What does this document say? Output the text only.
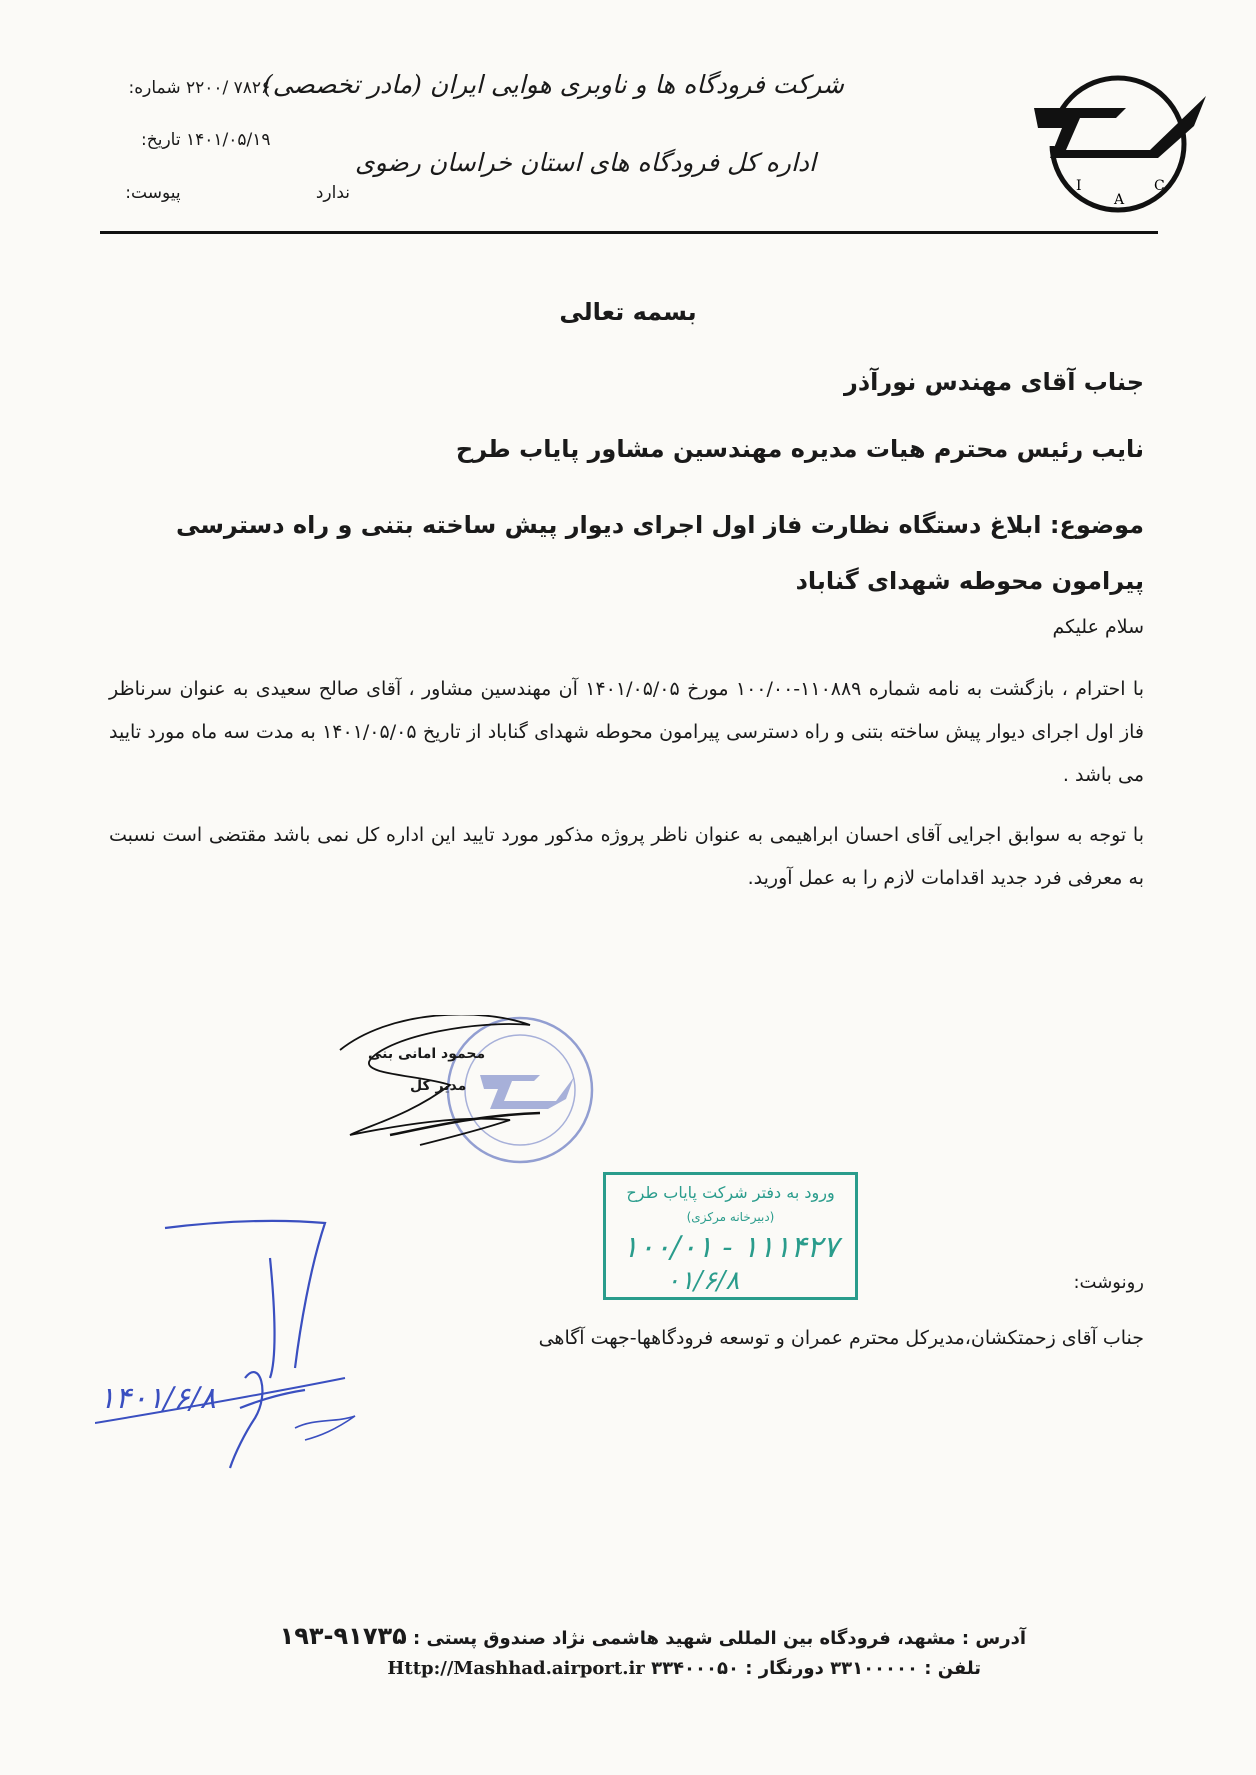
I
A
C
شرکت فرودگاه ها و ناوبری هوایی ایران (مادر تخصصی)
اداره کل فرودگاه های استان خراسان رضوی
شماره: ۲۲۰۰/ ۷۸۲۶
تاریخ: ۱۴۰۱/۰۵/۱۹
پیوست:	ندارد
بسمه تعالی
جناب آقای مهندس نورآذر
نایب رئیس محترم هیات مدیره مهندسین مشاور پایاب طرح
موضوع: ابلاغ دستگاه نظارت فاز اول اجرای دیوار پیش ساخته بتنی و راه دسترسی پیرامون محوطه شهدای گناباد
سلام علیکم
با احترام ، بازگشت به نامه شماره ۱۱۰۸۸۹-۱۰۰/۰۰ مورخ ۱۴۰۱/۰۵/۰۵ آن مهندسین مشاور ، آقای صالح سعیدی به عنوان سرناظر فاز اول اجرای دیوار پیش ساخته بتنی و راه دسترسی پیرامون محوطه شهدای گناباد از تاریخ ۱۴۰۱/۰۵/۰۵ به مدت سه ماه مورد تایید می باشد .
با توجه به سوابق اجرایی آقای احسان ابراهیمی به عنوان ناظر پروژه مذکور مورد تایید این اداره کل نمی باشد مقتضی است نسبت به معرفی فرد جدید اقدامات لازم را به عمل آورید.
محمود امانی بنی
مدیر کل
ورود به دفتر شرکت پایاب طرح
(دبیرخانه مرکزی)
۱۰۰/۰۱ - ۱۱۱۴۲۷
۰۱/۶/۸	رونوشت:
جناب آقای زحمتکشان،مدیرکل محترم عمران و توسعه فرودگاهها-جهت آگاهی
۱۴۰۱/۶/۸
آدرس : مشهد، فرودگاه بین المللی شهید هاشمی نژاد صندوق پستی : ۹۱۷۳۵-۱۹۳
تلفن : ۳۳۱۰۰۰۰۰ دورنگار : ۳۳۴۰۰۰۵۰ Http://Mashhad.airport.ir
